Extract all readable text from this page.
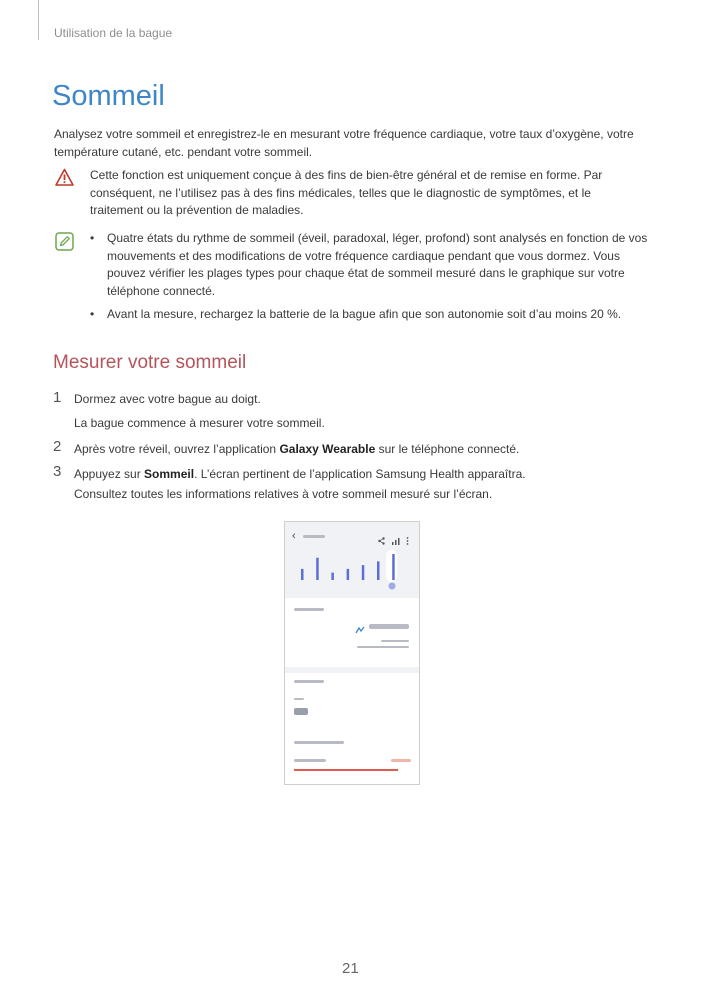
Utilisation de la bague
Sommeil
Analysez votre sommeil et enregistrez-le en mesurant votre fréquence cardiaque, votre taux d’oxygène, votre température cutané, etc. pendant votre sommeil.
Cette fonction est uniquement conçue à des fins de bien-être général et de remise en forme. Par conséquent, ne l’utilisez pas à des fins médicales, telles que le diagnostic de symptômes, et le traitement ou la prévention de maladies.
• Quatre états du rythme de sommeil (éveil, paradoxal, léger, profond) sont analysés en fonction de vos mouvements et des modifications de votre fréquence cardiaque pendant que vous dormez. Vous pouvez vérifier les plages types pour chaque état de sommeil mesuré dans le graphique sur votre téléphone connecté.
• Avant la mesure, rechargez la batterie de la bague afin que son autonomie soit d’au moins 20 %.
Mesurer votre sommeil
1 Dormez avec votre bague au doigt.
La bague commence à mesurer votre sommeil.
2 Après votre réveil, ouvrez l’application Galaxy Wearable sur le téléphone connecté.
3 Appuyez sur Sommeil. L’écran pertinent de l’application Samsung Health apparaîtra.
Consultez toutes les informations relatives à votre sommeil mesuré sur l’écran.
‹
21
